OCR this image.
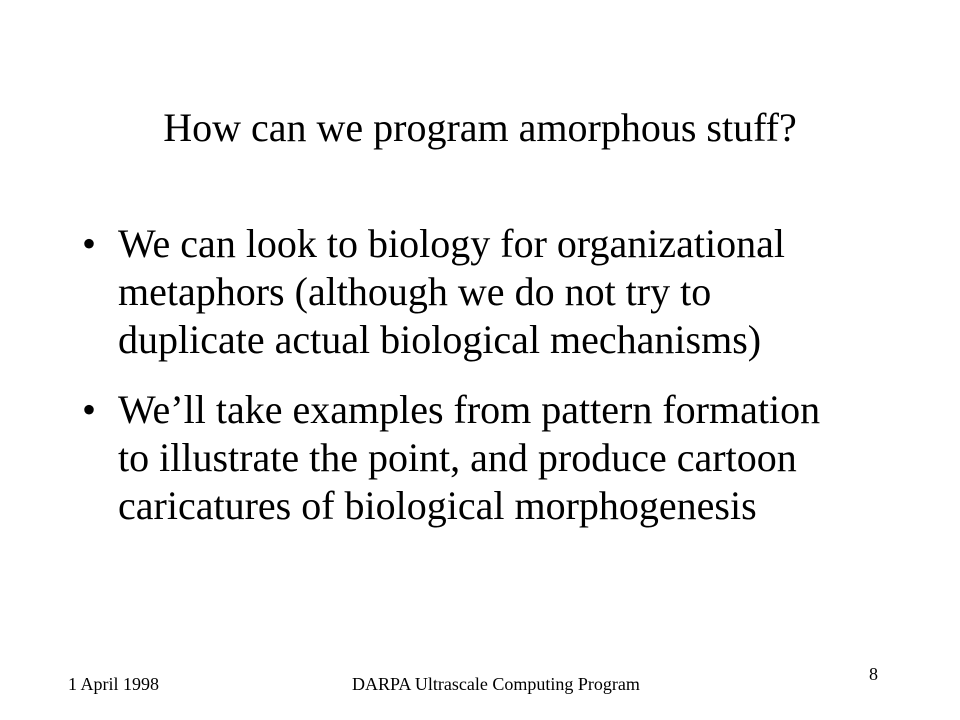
How can we program amorphous stuff?
• We can look to biology for organizational
metaphors (although we do not try to
duplicate actual biological mechanisms)
• We’ll take examples from pattern formation
to illustrate the point, and produce cartoon
caricatures of biological morphogenesis
1 April 1998	DARPA Ultrascale Computing Program	8
